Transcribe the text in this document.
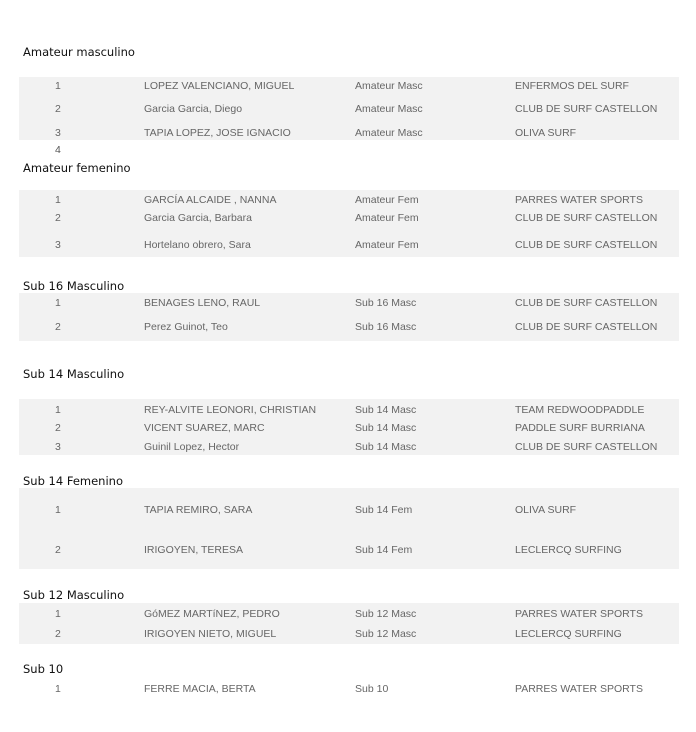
Amateur masculino
1	LOPEZ VALENCIANO, MIGUEL	Amateur Masc	ENFERMOS DEL SURF
2	Garcia Garcia, Diego	Amateur Masc	CLUB DE SURF CASTELLON
3	TAPIA LOPEZ, JOSE IGNACIO	Amateur Masc	OLIVA SURF
4
Amateur femenino
1	GARCÍA ALCAIDE , NANNA	Amateur Fem	PARRES WATER SPORTS
2	Garcia Garcia, Barbara	Amateur Fem	CLUB DE SURF CASTELLON
3	Hortelano obrero, Sara	Amateur Fem	CLUB DE SURF CASTELLON
Sub 16 Masculino
1	BENAGES LENO, RAUL	Sub 16 Masc	CLUB DE SURF CASTELLON
2	Perez Guinot, Teo	Sub 16 Masc	CLUB DE SURF CASTELLON
Sub 14 Masculino
1	REY-ALVITE LEONORI, CHRISTIAN	Sub 14 Masc	TEAM REDWOODPADDLE
2	VICENT SUAREZ, MARC	Sub 14 Masc	PADDLE SURF BURRIANA
3	Guinil Lopez, Hector	Sub 14 Masc	CLUB DE SURF CASTELLON
Sub 14 Femenino
1	TAPIA REMIRO, SARA	Sub 14 Fem	OLIVA SURF
2	IRIGOYEN, TERESA	Sub 14 Fem	LECLERCQ SURFING
Sub 12 Masculino
1	GóMEZ MARTíNEZ, PEDRO	Sub 12 Masc	PARRES WATER SPORTS
2	IRIGOYEN NIETO, MIGUEL	Sub 12 Masc	LECLERCQ SURFING
Sub 10
1	FERRE MACIA, BERTA	Sub 10	PARRES WATER SPORTS
